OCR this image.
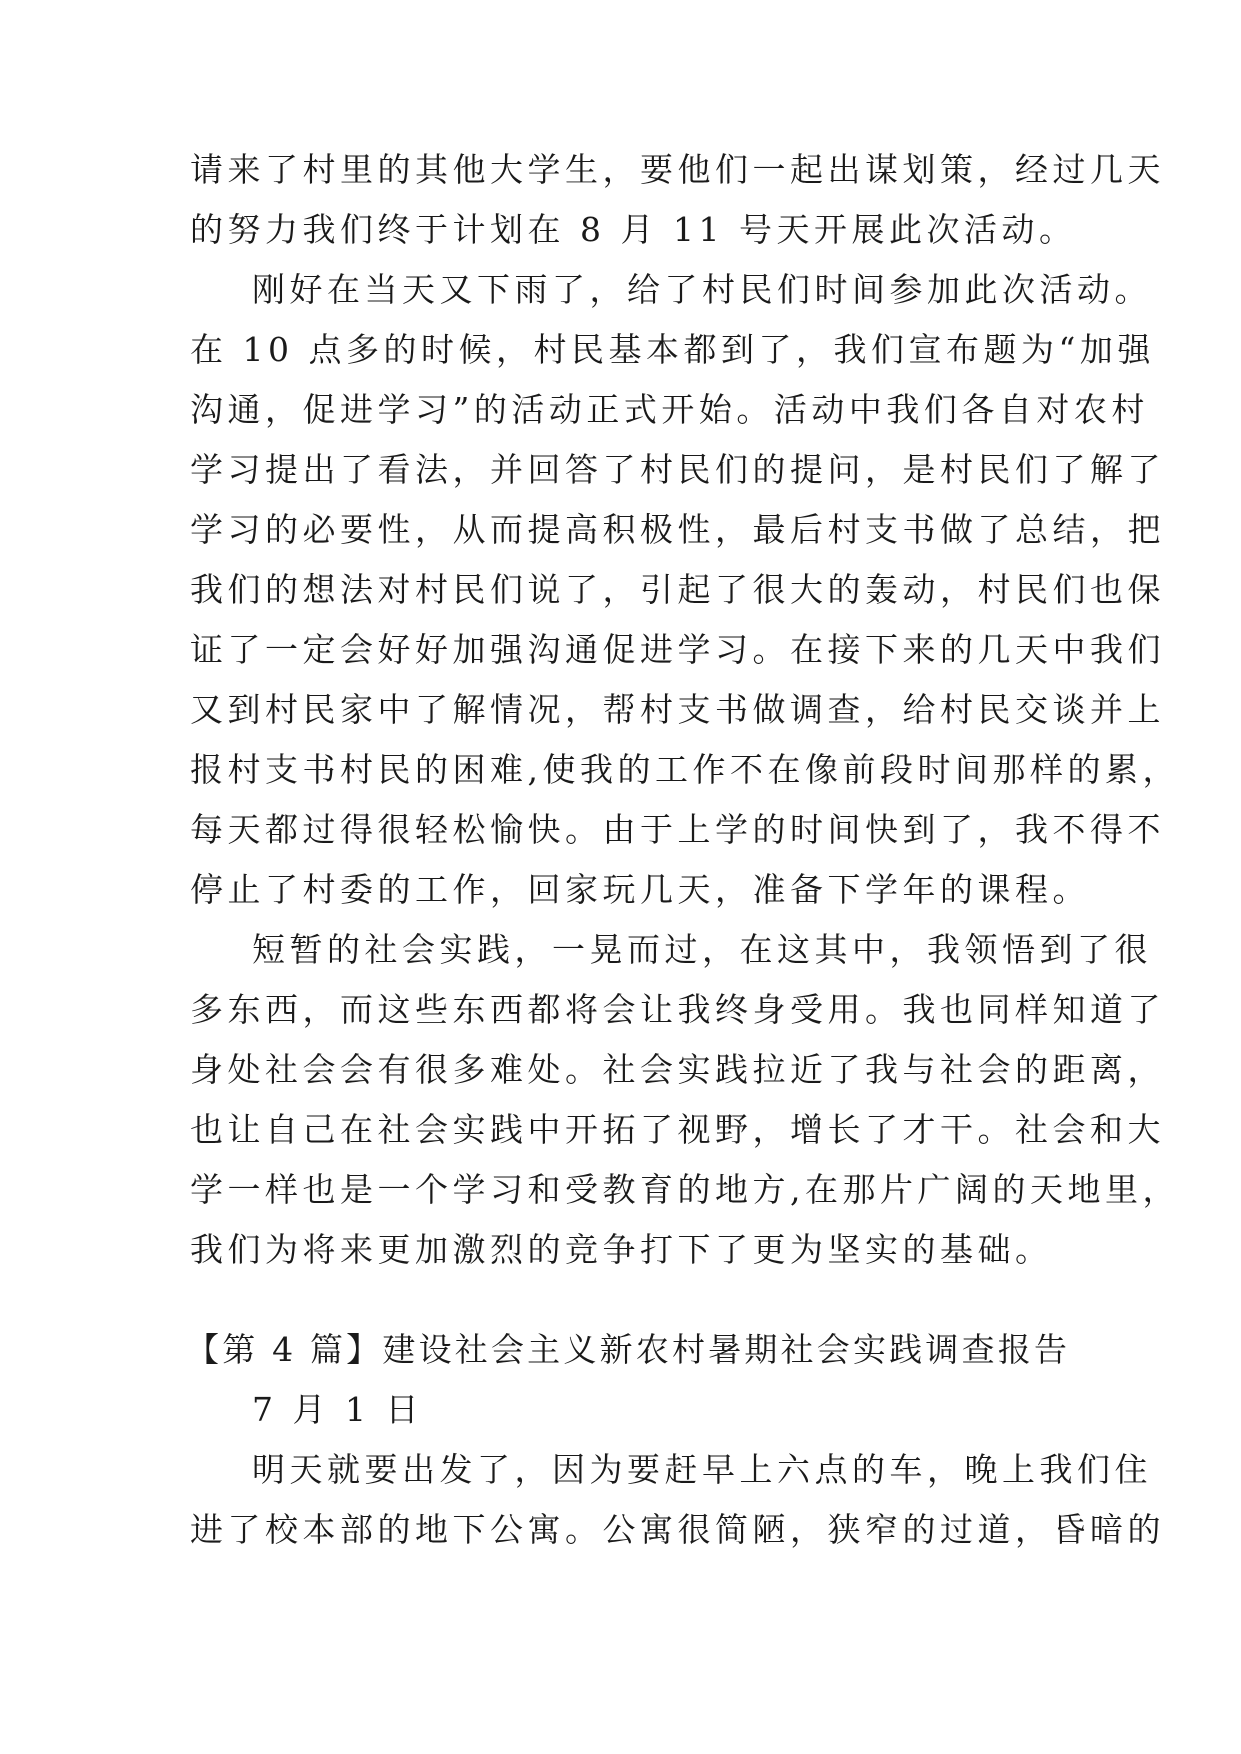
请来了村里的其他大学生，要他们一起出谋划策，经过几天
的努力我们终于计划在 8 月 11 号天开展此次活动。
刚好在当天又下雨了，给了村民们时间参加此次活动。
在 10 点多的时候，村民基本都到了，我们宣布题为“加强
沟通，促进学习”的活动正式开始。活动中我们各自对农村
学习提出了看法，并回答了村民们的提问，是村民们了解了
学习的必要性，从而提高积极性，最后村支书做了总结，把
我们的想法对村民们说了，引起了很大的轰动，村民们也保
证了一定会好好加强沟通促进学习。在接下来的几天中我们
又到村民家中了解情况，帮村支书做调查，给村民交谈并上
报村支书村民的困难,使我的工作不在像前段时间那样的累，
每天都过得很轻松愉快。由于上学的时间快到了，我不得不
停止了村委的工作，回家玩几天，准备下学年的课程。
短暂的社会实践，一晃而过，在这其中，我领悟到了很
多东西，而这些东西都将会让我终身受用。我也同样知道了
身处社会会有很多难处。社会实践拉近了我与社会的距离，
也让自己在社会实践中开拓了视野，增长了才干。社会和大
学一样也是一个学习和受教育的地方,在那片广阔的天地里，
我们为将来更加激烈的竞争打下了更为坚实的基础。
【第 4 篇】建设社会主义新农村暑期社会实践调查报告
7 月 1 日
明天就要出发了，因为要赶早上六点的车，晚上我们住
进了校本部的地下公寓。公寓很简陋，狭窄的过道，昏暗的
